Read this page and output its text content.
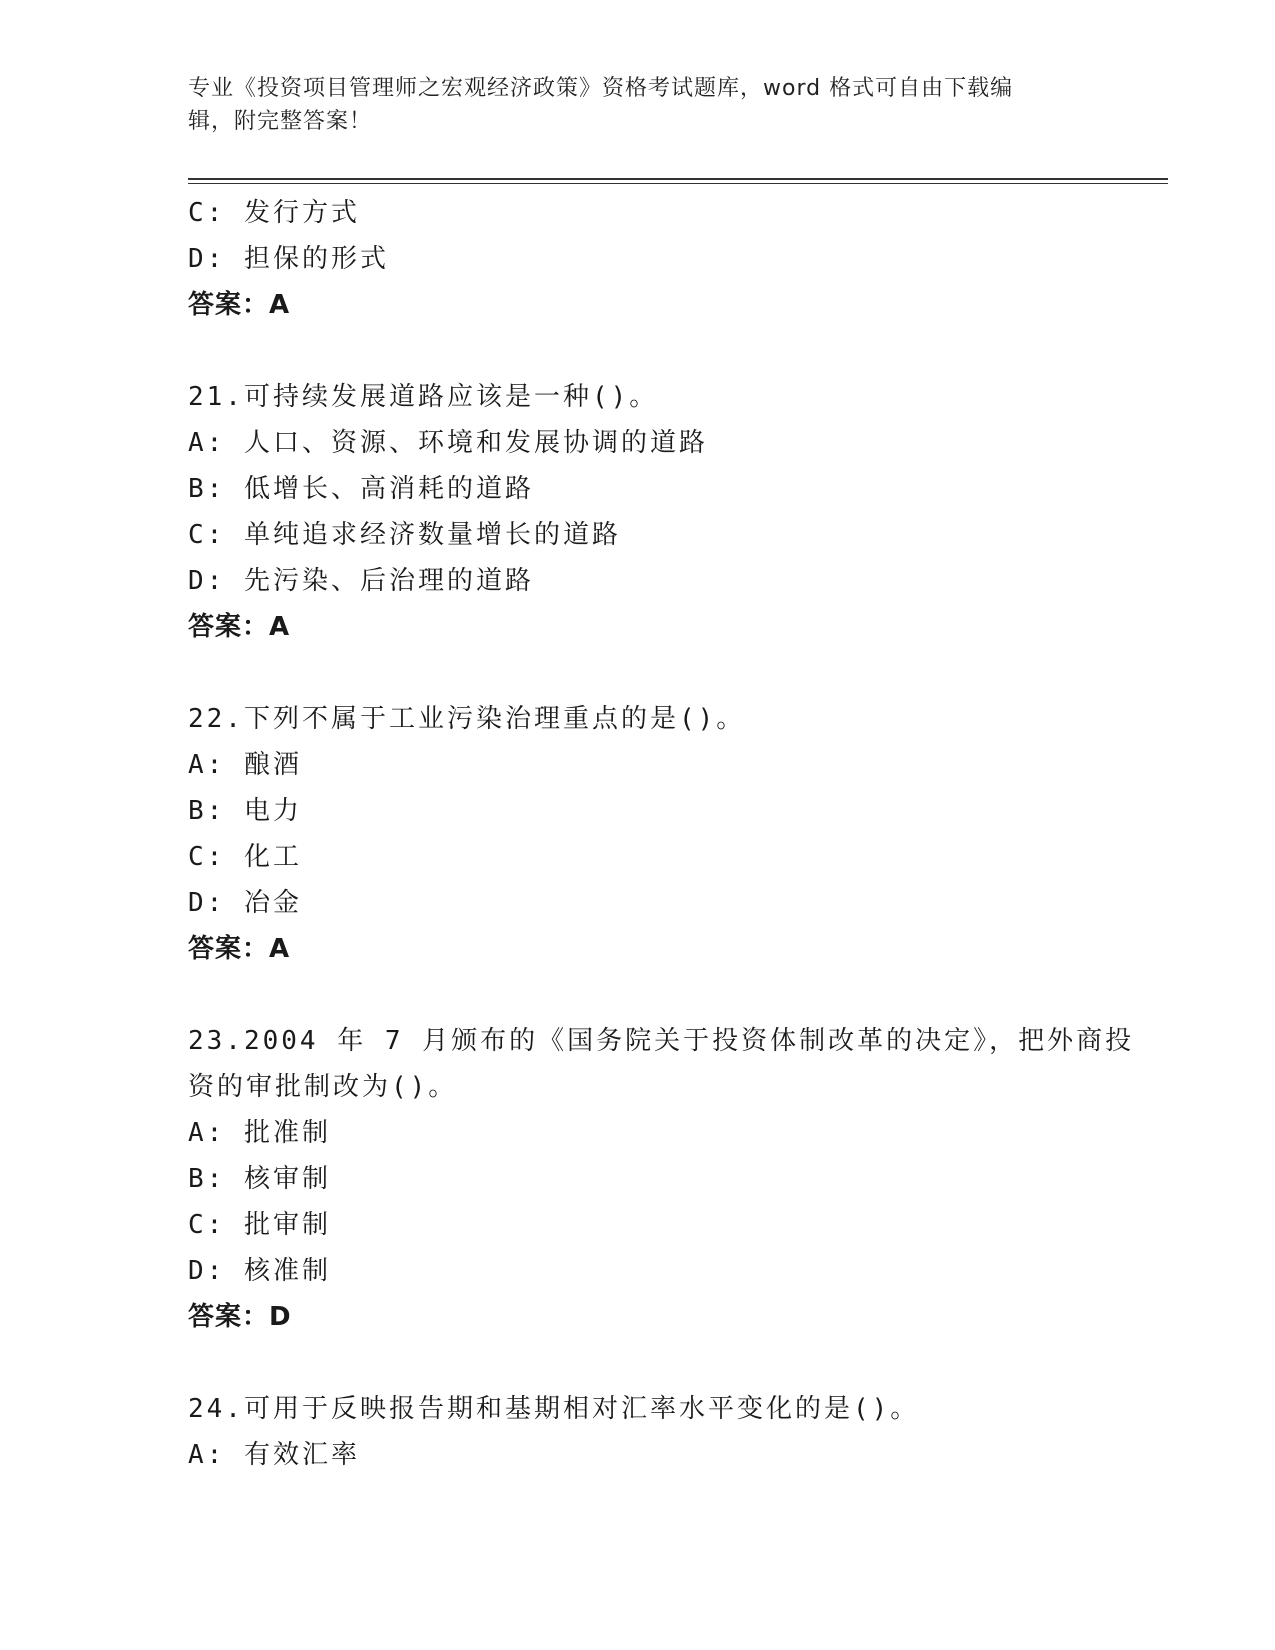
专业《投资项目管理师之宏观经济政策》资格考试题库，word 格式可自由下载编
辑，附完整答案！
C: 发行方式
D: 担保的形式
答案：A
21.可持续发展道路应该是一种()。
A: 人口、资源、环境和发展协调的道路
B: 低增长、高消耗的道路
C: 单纯追求经济数量增长的道路
D: 先污染、后治理的道路
答案：A
22.下列不属于工业污染治理重点的是()。
A: 酿酒
B: 电力
C: 化工
D: 冶金
答案：A
23.2004 年 7 月颁布的《国务院关于投资体制改革的决定》，把外商投
资的审批制改为()。
A: 批准制
B: 核审制
C: 批审制
D: 核准制
答案：D
24.可用于反映报告期和基期相对汇率水平变化的是()。
A: 有效汇率
